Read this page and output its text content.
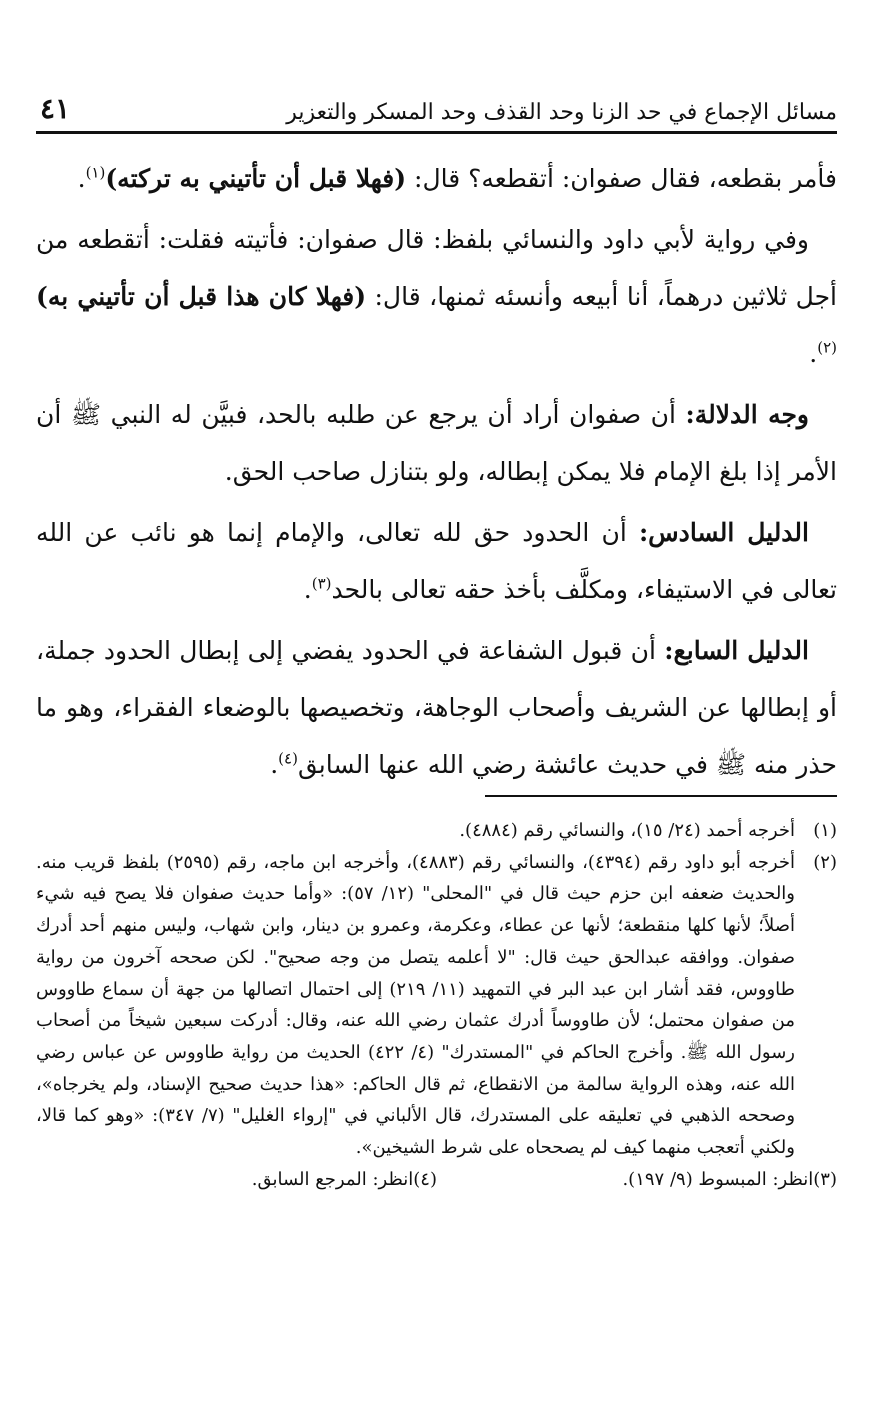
مسائل الإجماع في حد الزنا وحد القذف وحد المسكر والتعزير
٤١

فأمر بقطعه، فقال صفوان: أتقطعه؟ قال: (فهلا قبل أن تأتيني به تركته)$^{(١)}$.

وفي رواية لأبي داود والنسائي بلفظ: قال صفوان: فأتيته فقلت: أتقطعه من أجل ثلاثين درهماً، أنا أبيعه وأنسئه ثمنها، قال: (فهلا كان هذا قبل أن تأتيني به)$^{(٢)}$.

وجه الدلالة: أن صفوان أراد أن يرجع عن طلبه بالحد، فبيَّن له النبي ﷺ أن الأمر إذا بلغ الإمام فلا يمكن إبطاله، ولو بتنازل صاحب الحق.

الدليل السادس: أن الحدود حق لله تعالى، والإمام إنما هو نائب عن الله تعالى في الاستيفاء، ومكلَّف بأخذ حقه تعالى بالحد$^{(٣)}$.

الدليل السابع: أن قبول الشفاعة في الحدود يفضي إلى إبطال الحدود جملة، أو إبطالها عن الشريف وأصحاب الوجاهة، وتخصيصها بالوضعاء الفقراء، وهو ما حذر منه ﷺ في حديث عائشة رضي الله عنها السابق$^{(٤)}$.

(١)
أخرجه أحمد (٢٤/ ١٥)، والنسائي رقم (٤٨٨٤).
(٢)
أخرجه أبو داود رقم (٤٣٩٤)، والنسائي رقم (٤٨٨٣)، وأخرجه ابن ماجه، رقم (٢٥٩٥) بلفظ قريب منه. والحديث ضعفه ابن حزم حيث قال في "المحلى" (١٢/ ٥٧): «وأما حديث صفوان فلا يصح فيه شيء أصلاً؛ لأنها كلها منقطعة؛ لأنها عن عطاء، وعكرمة، وعمرو بن دينار، وابن شهاب، وليس منهم أحد أدرك صفوان. ووافقه عبدالحق حيث قال: "لا أعلمه يتصل من وجه صحيح". لكن صححه آخرون من رواية طاووس، فقد أشار ابن عبد البر في التمهيد (١١/ ٢١٩) إلى احتمال اتصالها من جهة أن سماع طاووس من صفوان محتمل؛ لأن طاووساً أدرك عثمان رضي الله عنه، وقال: أدركت سبعين شيخاً من أصحاب رسول الله ﷺ. وأخرج الحاكم في "المستدرك" (٤/ ٤٢٢) الحديث من رواية طاووس عن عباس رضي الله عنه، وهذه الرواية سالمة من الانقطاع، ثم قال الحاكم: «هذا حديث صحيح الإسناد، ولم يخرجاه»، وصححه الذهبي في تعليقه على المستدرك، قال الألباني في "إرواء الغليل" (٧/ ٣٤٧): «وهو كما قالا، ولكني أتعجب منهما كيف لم يصححاه على شرط الشيخين».
(٣)
انظر: المبسوط (٩/ ١٩٧).
(٤)
انظر: المرجع السابق.
